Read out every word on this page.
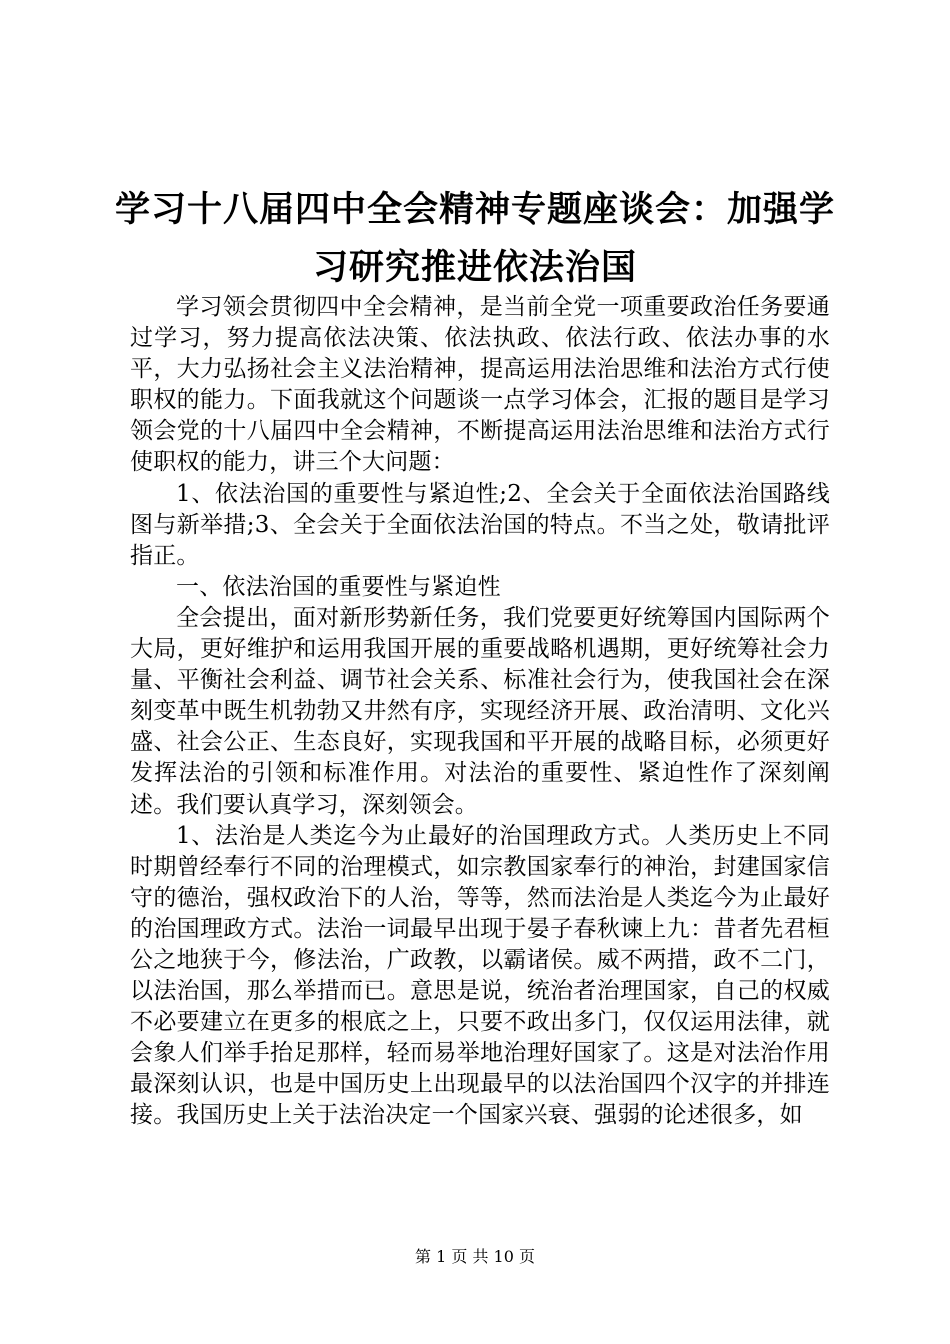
学习十八届四中全会精神专题座谈会：加强学
习研究推进依法治国

学习领会贯彻四中全会精神，是当前全党一项重要政治任务要通过学习，努力提高依法决策、依法执政、依法行政、依法办事的水平，大力弘扬社会主义法治精神，提高运用法治思维和法治方式行使职权的能力。下面我就这个问题谈一点学习体会，汇报的题目是学习领会党的十八届四中全会精神，不断提高运用法治思维和法治方式行使职权的能力，讲三个大问题：

1、依法治国的重要性与紧迫性;2、全会关于全面依法治国路线图与新举措;3、全会关于全面依法治国的特点。不当之处，敬请批评指正。

一、依法治国的重要性与紧迫性

全会提出，面对新形势新任务，我们党要更好统筹国内国际两个大局，更好维护和运用我国开展的重要战略机遇期，更好统筹社会力量、平衡社会利益、调节社会关系、标准社会行为，使我国社会在深刻变革中既生机勃勃又井然有序，实现经济开展、政治清明、文化兴盛、社会公正、生态良好，实现我国和平开展的战略目标，必须更好发挥法治的引领和标准作用。对法治的重要性、紧迫性作了深刻阐述。我们要认真学习，深刻领会。

1、法治是人类迄今为止最好的治国理政方式。人类历史上不同时期曾经奉行不同的治理模式，如宗教国家奉行的神治，封建国家信守的德治，强权政治下的人治，等等，然而法治是人类迄今为止最好的治国理政方式。法治一词最早出现于晏子春秋谏上九：昔者先君桓公之地狭于今，修法治，广政教，以霸诸侯。威不两措，政不二门，以法治国，那么举措而已。意思是说，统治者治理国家，自己的权威不必要建立在更多的根底之上，只要不政出多门，仅仅运用法律，就会象人们举手抬足那样，轻而易举地治理好国家了。这是对法治作用最深刻认识，也是中国历史上出现最早的以法治国四个汉字的并排连接。我国历史上关于法治决定一个国家兴衰、强弱的论述很多，如

第 1 页 共 10 页
